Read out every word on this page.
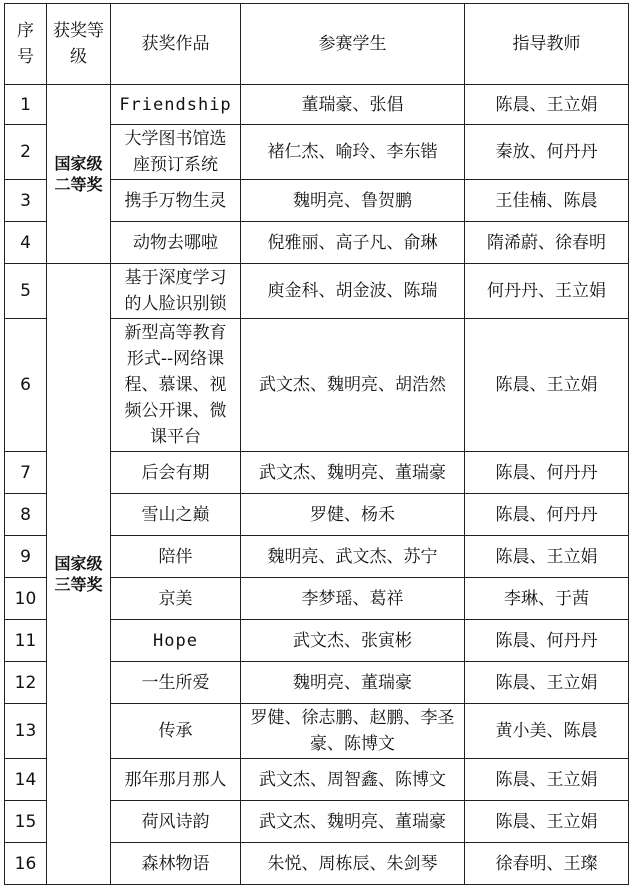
序号	获奖等级	获奖作品	参赛学生	指导教师
1	国家级二等奖	Friendship	董瑞豪、张倡	陈晨、王立娟
2		大学图书馆选座预订系统	褚仁杰、喻玲、李东锴	秦放、何丹丹
3		携手万物生灵	魏明亮、鲁贺鹏	王佳楠、陈晨
4		动物去哪啦	倪雅丽、高子凡、俞琳	隋浠蔚、徐春明
5	国家级三等奖	基于深度学习的人脸识别锁	庾金科、胡金波、陈瑞	何丹丹、王立娟
6		新型高等教育形式--网络课程、慕课、视频公开课、微课平台	武文杰、魏明亮、胡浩然	陈晨、王立娟
7		后会有期	武文杰、魏明亮、董瑞豪	陈晨、何丹丹
8		雪山之巅	罗健、杨禾	陈晨、何丹丹
9		陪伴	魏明亮、武文杰、苏宁	陈晨、王立娟
10		京美	李梦瑶、葛祥	李琳、于茜
11		Hope	武文杰、张寅彬	陈晨、何丹丹
12		一生所爱	魏明亮、董瑞豪	陈晨、王立娟
13		传承	罗健、徐志鹏、赵鹏、李圣豪、陈博文	黄小美、陈晨
14		那年那月那人	武文杰、周智鑫、陈博文	陈晨、王立娟
15		荷风诗韵	武文杰、魏明亮、董瑞豪	陈晨、王立娟
16		森林物语	朱悦、周栋辰、朱剑琴	徐春明、王璨
